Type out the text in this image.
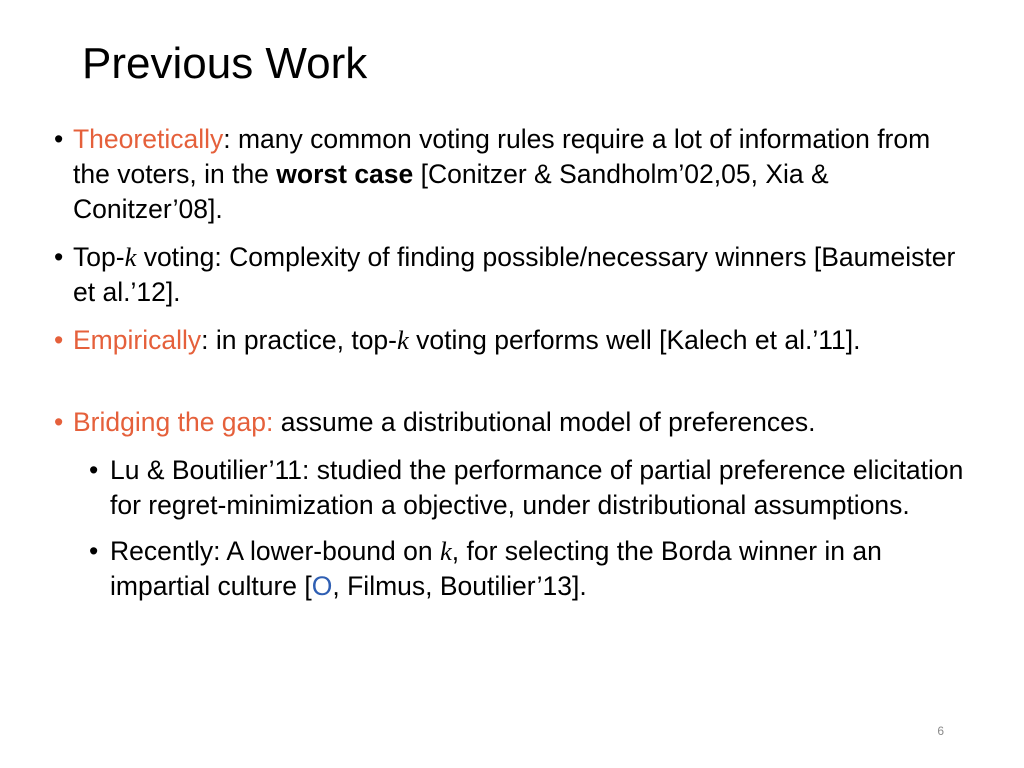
Previous Work
• Theoretically: many common voting rules require a lot of information from the voters, in the worst case [Conitzer & Sandholm’02,05, Xia & Conitzer’08].
• Top-k voting: Complexity of finding possible/necessary winners [Baumeister et al.’12].
• Empirically: in practice, top-k voting performs well [Kalech et al.’11].
• Bridging the gap: assume a distributional model of preferences.
• Lu & Boutilier’11: studied the performance of partial preference elicitation for regret-minimization a objective, under distributional assumptions.
• Recently: A lower-bound on k, for selecting the Borda winner in an impartial culture [O, Filmus, Boutilier’13].
6
